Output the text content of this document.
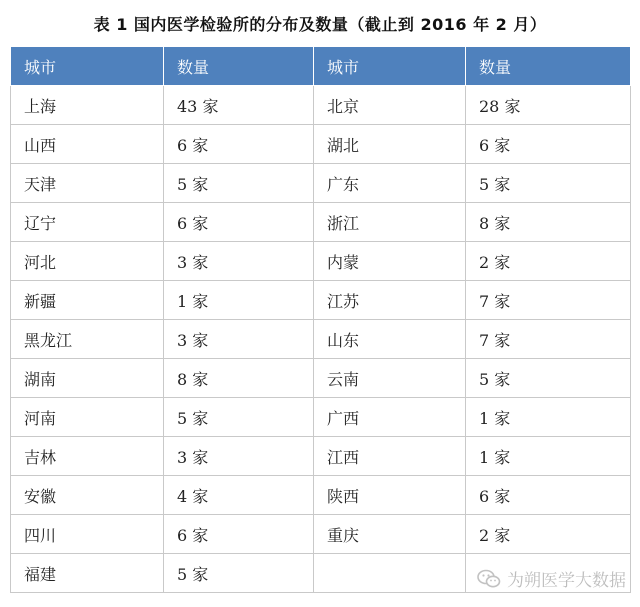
表 1 国内医学检验所的分布及数量（截止到 2016 年 2 月）
城市	数量	城市	数量
上海	43 家	北京	28 家
山西	6 家	湖北	6 家
天津	5 家	广东	5 家
辽宁	6 家	浙江	8 家
河北	3 家	内蒙	2 家
新疆	1 家	江苏	7 家
黑龙江	3 家	山东	7 家
湖南	8 家	云南	5 家
河南	5 家	广西	1 家
吉林	3 家	江西	1 家
安徽	4 家	陕西	6 家
四川	6 家	重庆	2 家
福建	5 家			为朔医学大数据
